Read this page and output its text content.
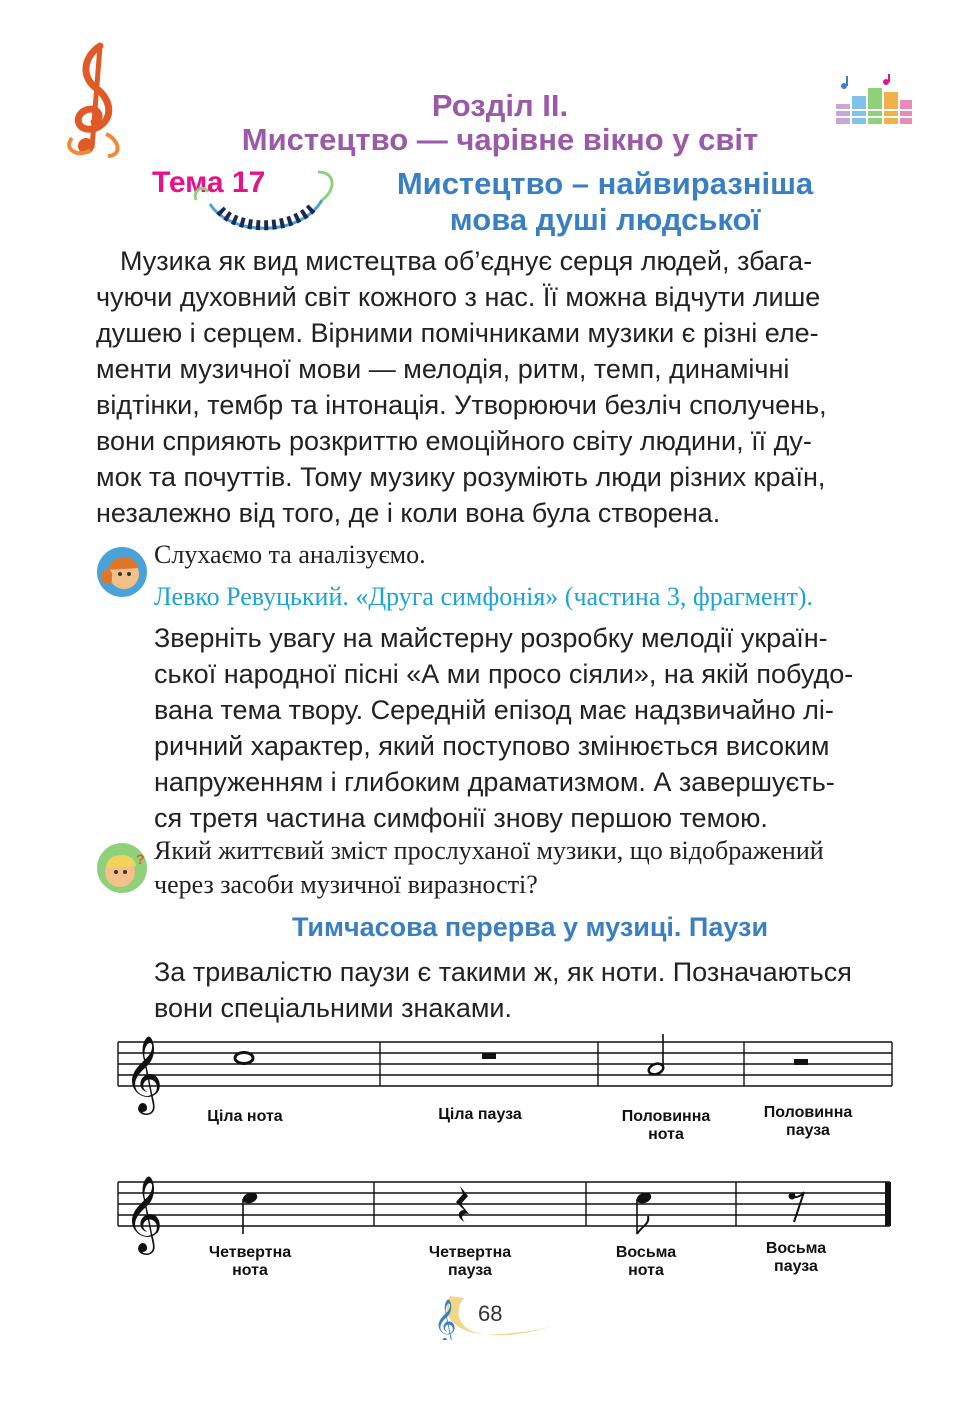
Розділ ІІ.
Мистецтво — чарівне вікно у світ
Тема 17	Мистецтво – найвиразніша
мова душі людської
Музика як вид мистецтва об’єднує серця людей, збага-
чуючи духовний світ кожного з нас. Її можна відчути лише
душею і серцем. Вірними помічниками музики є різні еле-
менти музичної мови — мелодія, ритм, темп, динамічні
відтінки, тембр та інтонація. Утворюючи безліч сполучень,
вони сприяють розкриттю емоційного світу людини, її ду-
мок та почуттів. Тому музику розуміють люди різних країн,
незалежно від того, де і коли вона була створена.
Слухаємо та аналізуємо.
Левко Ревуцький. «Друга симфонія» (частина 3, фрагмент).
Зверніть увагу на майстерну розробку мелодії україн-
ської народної пісні «А ми просо сіяли», на якій побудо-
вана тема твору. Середній епізод має надзвичайно лі-
ричний характер, який поступово змінюється високим
напруженням і глибоким драматизмом. А завершуєть-
ся третя частина симфонії знову першою темою.
? Який життєвий зміст прослуханої музики, що відображений
через засоби музичної виразності?
Тимчасова перерва у музиці. Паузи
За тривалістю паузи є такими ж, як ноти. Позначаються
вони спеціальними знаками.
𝄞
Ціла нота	Ціла пауза	Половинна
нота
Половинна
пауза
𝄞
Четвертна
нота
Четвертна
пауза
Восьма
нота
Восьма
пауза
𝄞 68
